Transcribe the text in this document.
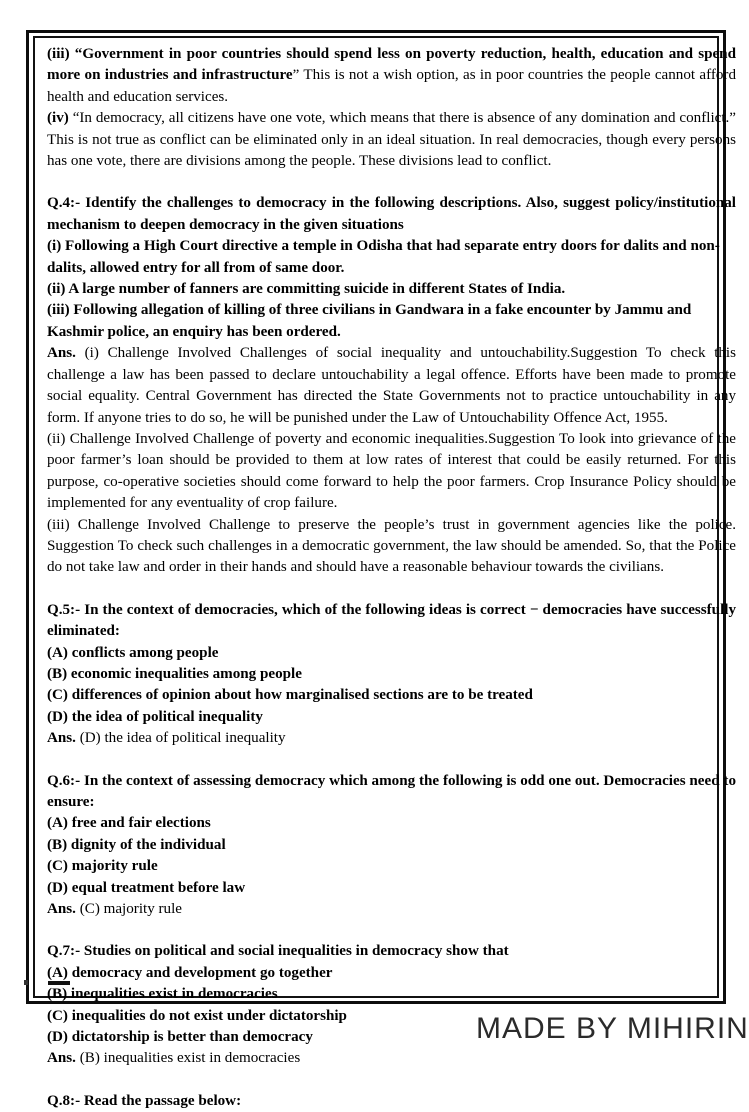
(iii) “Government in poor countries should spend less on poverty reduction, health, education and spend more on industries and infrastructure” This is not a wish option, as in poor countries the people cannot afford health and education services.

(iv) “In democracy, all citizens have one vote, which means that there is absence of any domination and conflict.” This is not true as conflict can be eliminated only in an ideal situation. In real democracies, though every persons has one vote, there are divisions among the people. These divisions lead to conflict.

Q.4:- Identify the challenges to democracy in the following descriptions. Also, suggest policy/institutional mechanism to deepen democracy in the given situations

(i) Following a High Court directive a temple in Odisha that had separate entry doors for dalits and non-dalits, allowed entry for all from of same door.

(ii) A large number of fanners are committing suicide in different States of India.

(iii) Following allegation of killing of three civilians in Gandwara in a fake encounter by Jammu and Kashmir police, an enquiry has been ordered.

Ans. (i) Challenge Involved Challenges of social inequality and untouchability.Suggestion To check this challenge a law has been passed to declare untouchability a legal offence. Efforts have been made to promote social equality. Central Government has directed the State Governments not to practice untouchability in any form. If anyone tries to do so, he will be punished under the Law of Untouchability Offence Act, 1955.

(ii) Challenge Involved Challenge of poverty and economic inequalities.Suggestion To look into grievance of the poor farmer’s loan should be provided to them at low rates of interest that could be easily returned. For this purpose, co-operative societies should come forward to help the poor farmers. Crop Insurance Policy should be implemented for any eventuality of crop failure.

(iii) Challenge Involved Challenge to preserve the people’s trust in government agencies like the police. Suggestion To check such challenges in a democratic government, the law should be amended. So, that the Police do not take law and order in their hands and should have a reasonable behaviour towards the civilians.

Q.5:- In the context of democracies, which of the following ideas is correct − democracies have successfully eliminated:

(A) conflicts among people

(B) economic inequalities among people

(C) differences of opinion about how marginalised sections are to be treated

(D) the idea of political inequality

Ans. (D) the idea of political inequality

Q.6:- In the context of assessing democracy which among the following is odd one out. Democracies need to ensure:

(A) free and fair elections

(B) dignity of the individual

(C) majority rule

(D) equal treatment before law

Ans. (C) majority rule

Q.7:- Studies on political and social inequalities in democracy show that

(A) democracy and development go together

(B) inequalities exist in democracies

(C) inequalities do not exist under dictatorship

(D) dictatorship is better than democracy

Ans. (B) inequalities exist in democracies

Q.8:- Read the passage below:

MADE BY MIHIRIN
